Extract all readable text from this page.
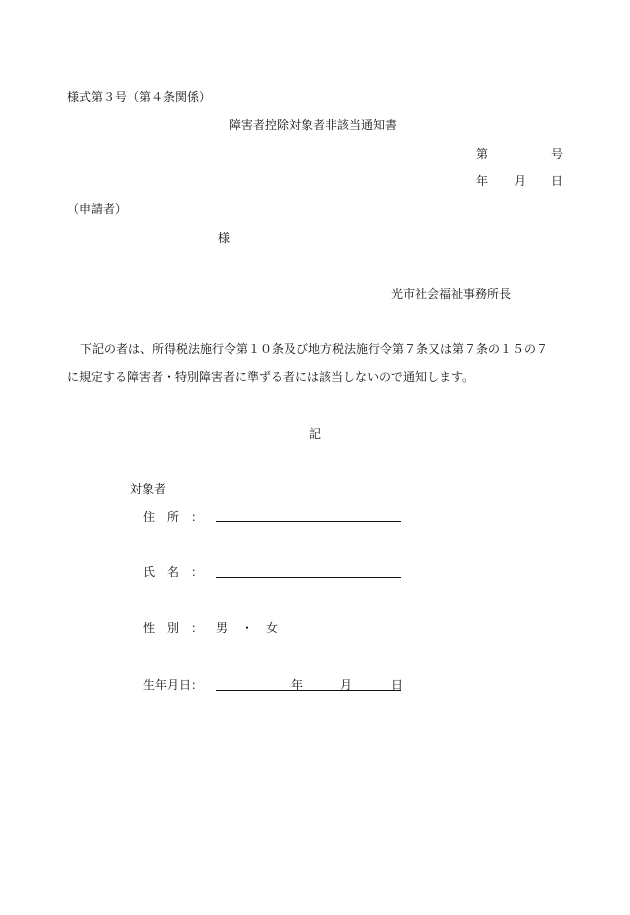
様式第３号（第４条関係）
障害者控除対象者非該当通知書
第	号
年 月 日
（申請者）
様
光市社会福祉事務所長
下記の者は、所得税法施行令第１０条及び地方税法施行令第７条又は第７条の１５の７
に規定する障害者・特別障害者に準ずる者には該当しないので通知します。
記
対象者
住　所　：
氏　名　：
性　別　： 男 ・ 女
生年月日：	年	月	日
